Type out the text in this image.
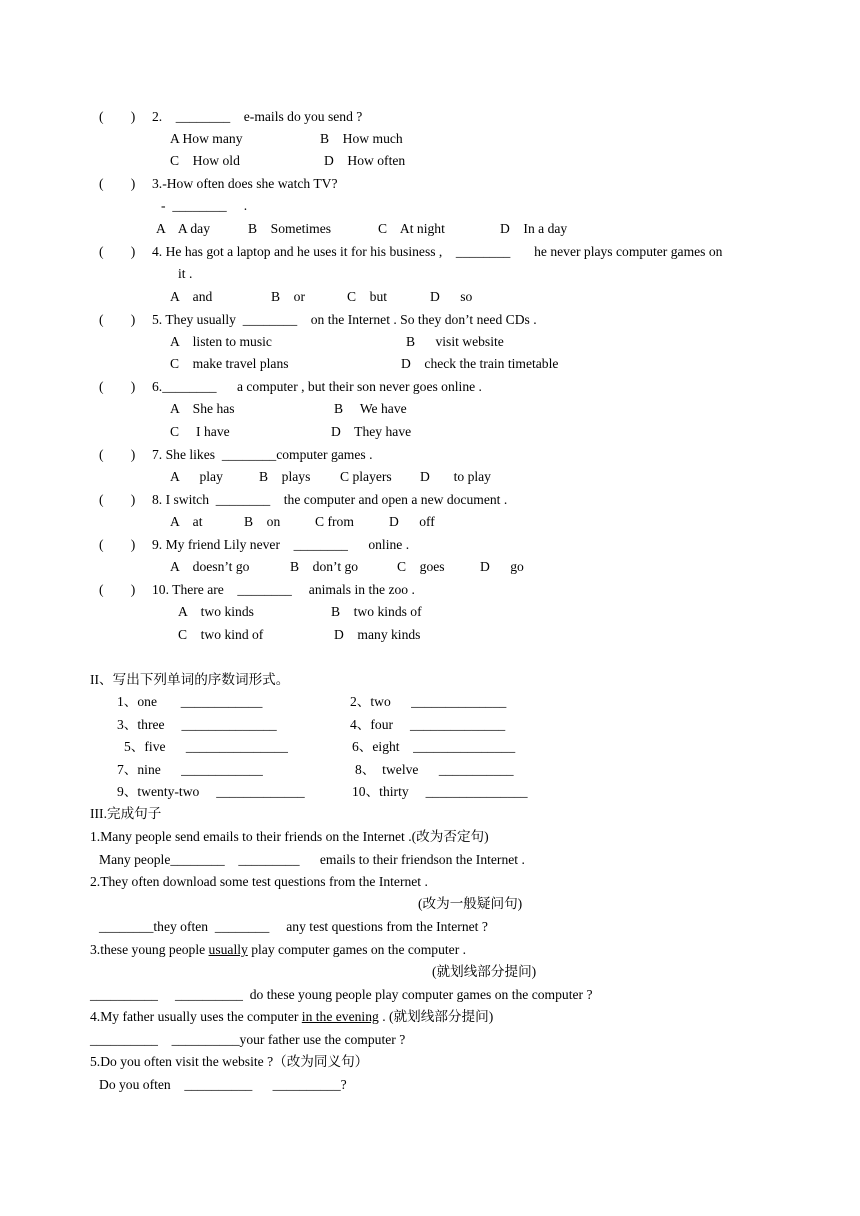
(        ) 2.    ________    e-mails do you send ?
A How many	B    How much
C    How old	D    How often
(        ) 3.-How often does she watch TV?
-  ________     .
A    A day	B    Sometimes	C    At night	D    In a day
(        ) 4. He has got a laptop and he uses it for his business ,    ________       he never plays computer games on
it .
A    and	B    or	C    but	D      so
(        ) 5. They usually  ________    on the Internet . So they don’t need CDs .
A    listen to music	B      visit website
C    make travel plans	D    check the train timetable
(        ) 6.________      a computer , but their son never goes online .
A    She has	B     We have
C     I have	D    They have
(        ) 7. She likes  ________computer games .
A      play	B    plays C players D       to play
(        ) 8. I switch  ________    the computer and open a new document .
A    at	B    on	C from	D      off
(        ) 9. My friend Lily never    ________      online .
A    doesn’t go	B    don’t go	C    goes	D      go
(        ) 10. There are    ________     animals in the zoo .
A    two kinds	B    two kinds of
C    two kind of	D    many kinds
II、写出下列单词的序数词形式。
1、one       ____________	2、two      ______________
3、three     ______________	4、four     ______________
5、five      _______________	6、eight    _______________
7、nine      ____________	8、  twelve      ___________
9、twenty-two     _____________	10、thirty     _______________
III.完成句子
1.Many people send emails to their friends on the Internet .(改为否定句)
Many people________    _________      emails to their friendson the Internet .
2.They often download some test questions from the Internet .
(改为一般疑问句)
________they often  ________     any test questions from the Internet ?
3.these young people usually play computer games on the computer .
(就划线部分提问)
__________     __________  do these young people play computer games on the computer ?
4.My father usually uses the computer in the evening . (就划线部分提问)
__________    __________your father use the computer ?
5.Do you often visit the website ?（改为同义句）
Do you often    __________      __________?
